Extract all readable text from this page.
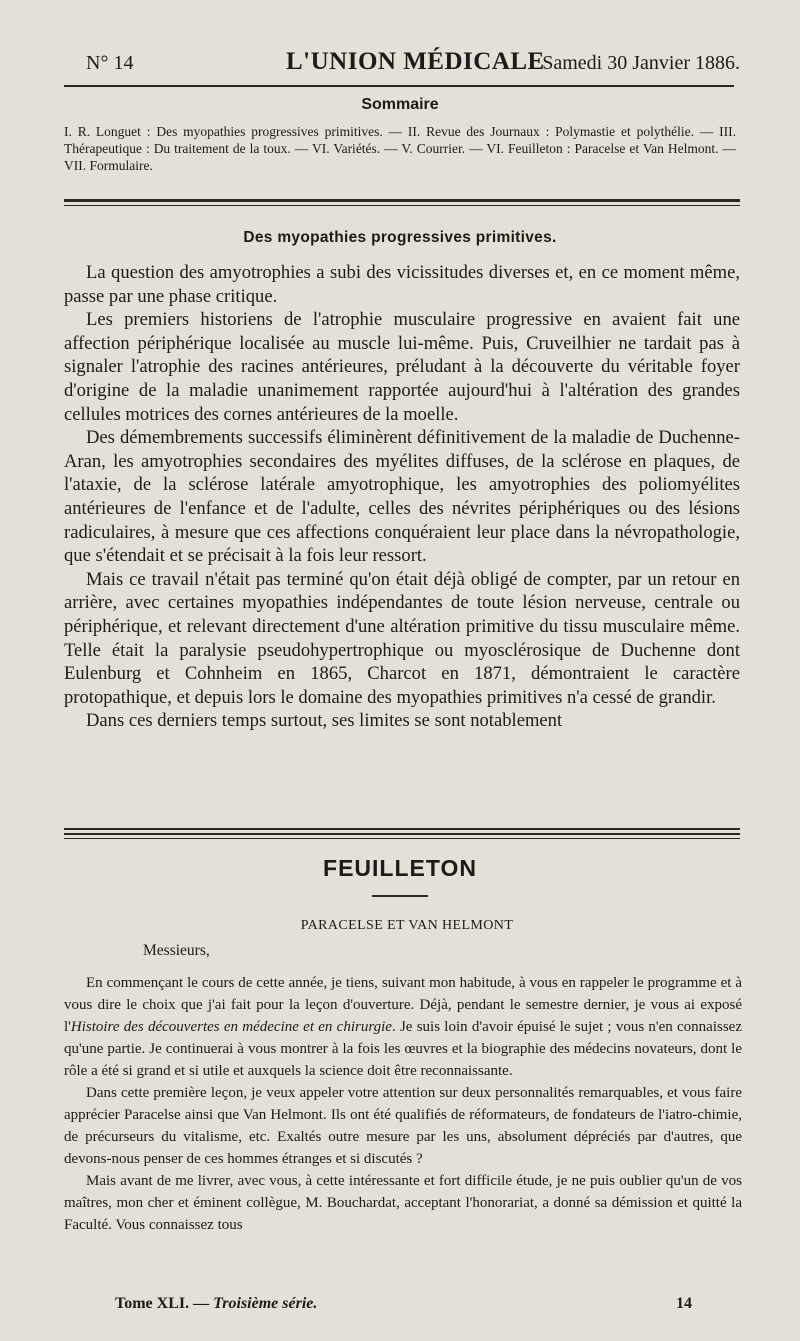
N° 14	L'UNION MÉDICALE
Samedi 30 Janvier 1886.
Sommaire
I. R. Longuet : Des myopathies progressives primitives. — II. Revue des Journaux : Polymastie et polythélie. — III. Thérapeutique : Du traitement de la toux. — VI. Variétés. — V. Courrier. — VI. Feuilleton : Paracelse et Van Helmont. — VII. Formulaire.
Des myopathies progressives primitives.

La question des amyotrophies a subi des vicissitudes diverses et, en ce moment même, passe par une phase critique.

Les premiers historiens de l'atrophie musculaire progressive en avaient fait une affection périphérique localisée au muscle lui-même. Puis, Cruveilhier ne tardait pas à signaler l'atrophie des racines antérieures, préludant à la découverte du véritable foyer d'origine de la maladie unanimement rapportée aujourd'hui à l'altération des grandes cellules motrices des cornes antérieures de la moelle.

Des démembrements successifs éliminèrent définitivement de la maladie de Duchenne-Aran, les amyotrophies secondaires des myélites diffuses, de la sclérose en plaques, de l'ataxie, de la sclérose latérale amyotrophique, les amyotrophies des poliomyélites antérieures de l'enfance et de l'adulte, celles des névrites périphériques ou des lésions radiculaires, à mesure que ces affections conquéraient leur place dans la névropathologie, que s'étendait et se précisait à la fois leur ressort.

Mais ce travail n'était pas terminé qu'on était déjà obligé de compter, par un retour en arrière, avec certaines myopathies indépendantes de toute lésion nerveuse, centrale ou périphérique, et relevant directement d'une altération primitive du tissu musculaire même. Telle était la paralysie pseudohypertrophique ou myosclérosique de Duchenne dont Eulenburg et Cohnheim en 1865, Charcot en 1871, démontraient le caractère protopathique, et depuis lors le domaine des myopathies primitives n'a cessé de grandir.

Dans ces derniers temps surtout, ses limites se sont notablement

FEUILLETON
PARACELSE ET VAN HELMONT
Messieurs,

En commençant le cours de cette année, je tiens, suivant mon habitude, à vous en rappeler le programme et à vous dire le choix que j'ai fait pour la leçon d'ouverture. Déjà, pendant le semestre dernier, je vous ai exposé l'Histoire des découvertes en médecine et en chirurgie. Je suis loin d'avoir épuisé le sujet ; vous n'en connaissez qu'une partie. Je continuerai à vous montrer à la fois les œuvres et la biographie des médecins novateurs, dont le rôle a été si grand et si utile et auxquels la science doit être reconnaissante.

Dans cette première leçon, je veux appeler votre attention sur deux personnalités remarquables, et vous faire apprécier Paracelse ainsi que Van Helmont. Ils ont été qualifiés de réformateurs, de fondateurs de l'iatro-chimie, de précurseurs du vitalisme, etc. Exaltés outre mesure par les uns, absolument dépréciés par d'autres, que devons-nous penser de ces hommes étranges et si discutés ?

Mais avant de me livrer, avec vous, à cette intéressante et fort difficile étude, je ne puis oublier qu'un de vos maîtres, mon cher et éminent collègue, M. Bouchardat, acceptant l'honorariat, a donné sa démission et quitté la Faculté. Vous connaissez tous

Tome XLI. — Troisième série.	14
